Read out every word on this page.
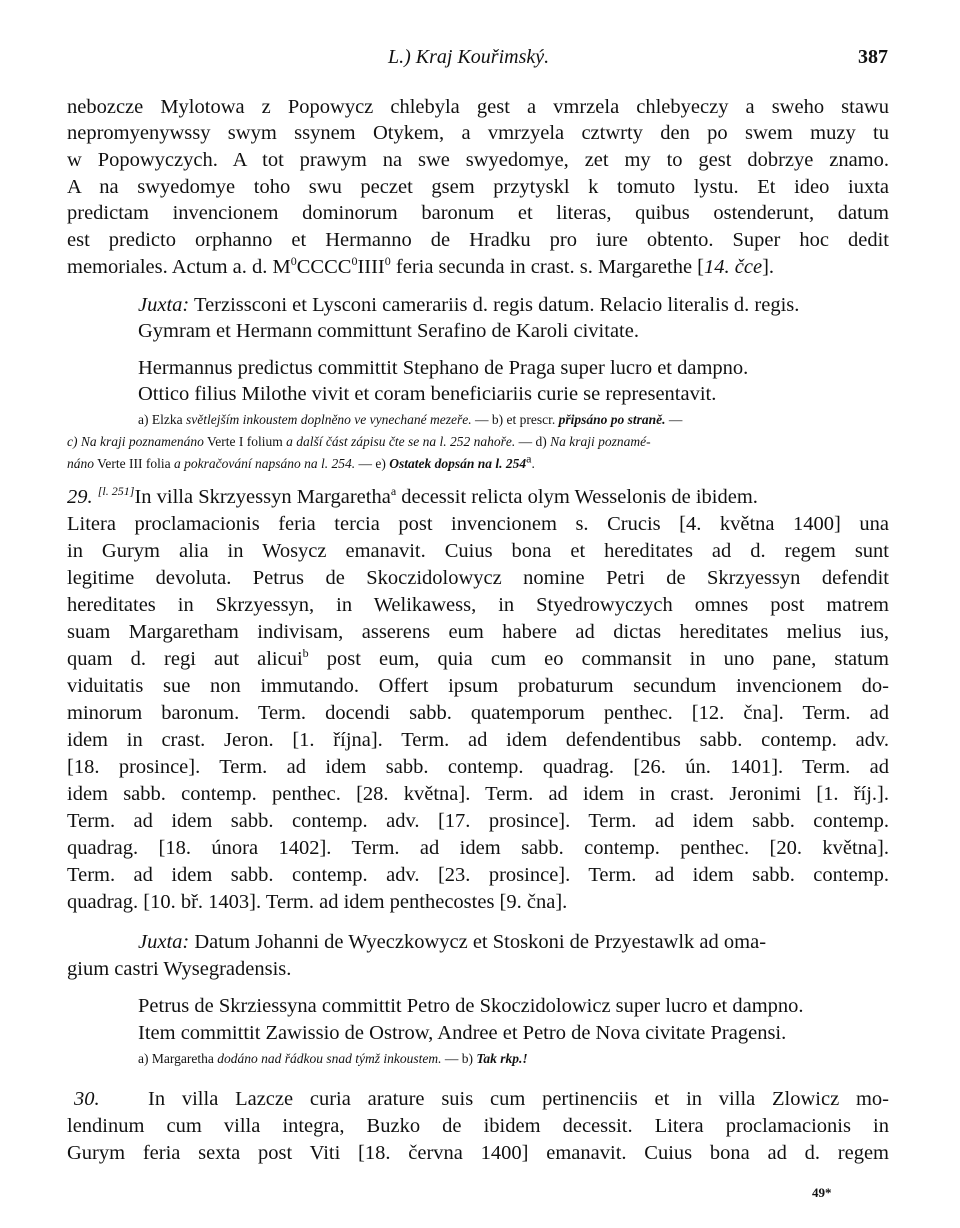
L.) Kraj Kouřimský.	387
nebozcze Mylotowa z Popowycz chlebyla gest a vmrzela chlebyeczy a sweho stawu
nepromyenywssy swym ssynem Otykem, a vmrzyela cztwrty den po swem muzy tu
w Popowyczych. A tot prawym na swe swyedomye, zet my to gest dobrzye znamo.
A na swyedomye toho swu peczet gsem przytyskl k tomuto lystu. Et ideo iuxta
predictam invencionem dominorum baronum et literas, quibus ostenderunt, datum
est predicto orphanno et Hermanno de Hradku pro iure obtento. Super hoc dedit
memoriales. Actum a. d. $M^0CCCC^0IIII^0$ feria secunda in crast. s. Margarethe [14. čce].
Juxta: Terzissconi et Lysconi camerariis d. regis datum. Relacio literalis d. regis.
Gymram et Hermann committunt Serafino de Karoli civitate.
Hermannus predictus committit Stephano de Praga super lucro et dampno.
Ottico filius Milothe vivit et coram beneficiariis curie se representavit.
a) Elzka světlejším inkoustem doplněno ve vynechané mezeře. — b) et prescr. připsáno po straně. —
c) Na kraji poznamenáno Verte I folium a další část zápisu čte se na l. 252 nahoře. — d) Na kraji poznamé-
náno Verte III folia a pokračování napsáno na l. 254. — e) Ostatek dopsán na l. 254a.
29. [l. 251]In villa Skrzyessyn Margaretha$^a$ decessit relicta olym Wesselonis de ibidem.
Litera proclamacionis feria tercia post invencionem s. Crucis [4. května 1400] una
in Gurym alia in Wosycz emanavit. Cuius bona et hereditates ad d. regem sunt
legitime devoluta. Petrus de Skoczidolowycz nomine Petri de Skrzyessyn defendit
hereditates in Skrzyessyn, in Welikawess, in Styedrowyczych omnes post matrem
suam Margaretham indivisam, asserens eum habere ad dictas hereditates melius ius,
quam d. regi aut alicui$^b$ post eum, quia cum eo commansit in uno pane, statum
viduitatis sue non immutando. Offert ipsum probaturum secundum invencionem do-
minorum baronum. Term. docendi sabb. quatemporum penthec. [12. čna]. Term. ad
idem in crast. Jeron. [1. října]. Term. ad idem defendentibus sabb. contemp. adv.
[18. prosince]. Term. ad idem sabb. contemp. quadrag. [26. ún. 1401]. Term. ad
idem sabb. contemp. penthec. [28. května]. Term. ad idem in crast. Jeronimi [1. říj.].
Term. ad idem sabb. contemp. adv. [17. prosince]. Term. ad idem sabb. contemp.
quadrag. [18. února 1402]. Term. ad idem sabb. contemp. penthec. [20. května].
Term. ad idem sabb. contemp. adv. [23. prosince]. Term. ad idem sabb. contemp.
quadrag. [10. bř. 1403]. Term. ad idem penthecostes [9. čna].
Juxta: Datum Johanni de Wyeczkowycz et Stoskoni de Przyestawlk ad oma-
gium castri Wysegradensis.
Petrus de Skrziessyna committit Petro de Skoczidolowicz super lucro et dampno.
Item committit Zawissio de Ostrow, Andree et Petro de Nova civitate Pragensi.
a) Margaretha dodáno nad řádkou snad týmž inkoustem. — b) Tak rkp.!
30.	In villa Lazcze curia arature suis cum pertinenciis et in villa Zlowicz mo-
lendinum cum villa integra, Buzko de ibidem decessit. Litera proclamacionis in
Gurym feria sexta post Viti [18. června 1400] emanavit. Cuius bona ad d. regem
49*
